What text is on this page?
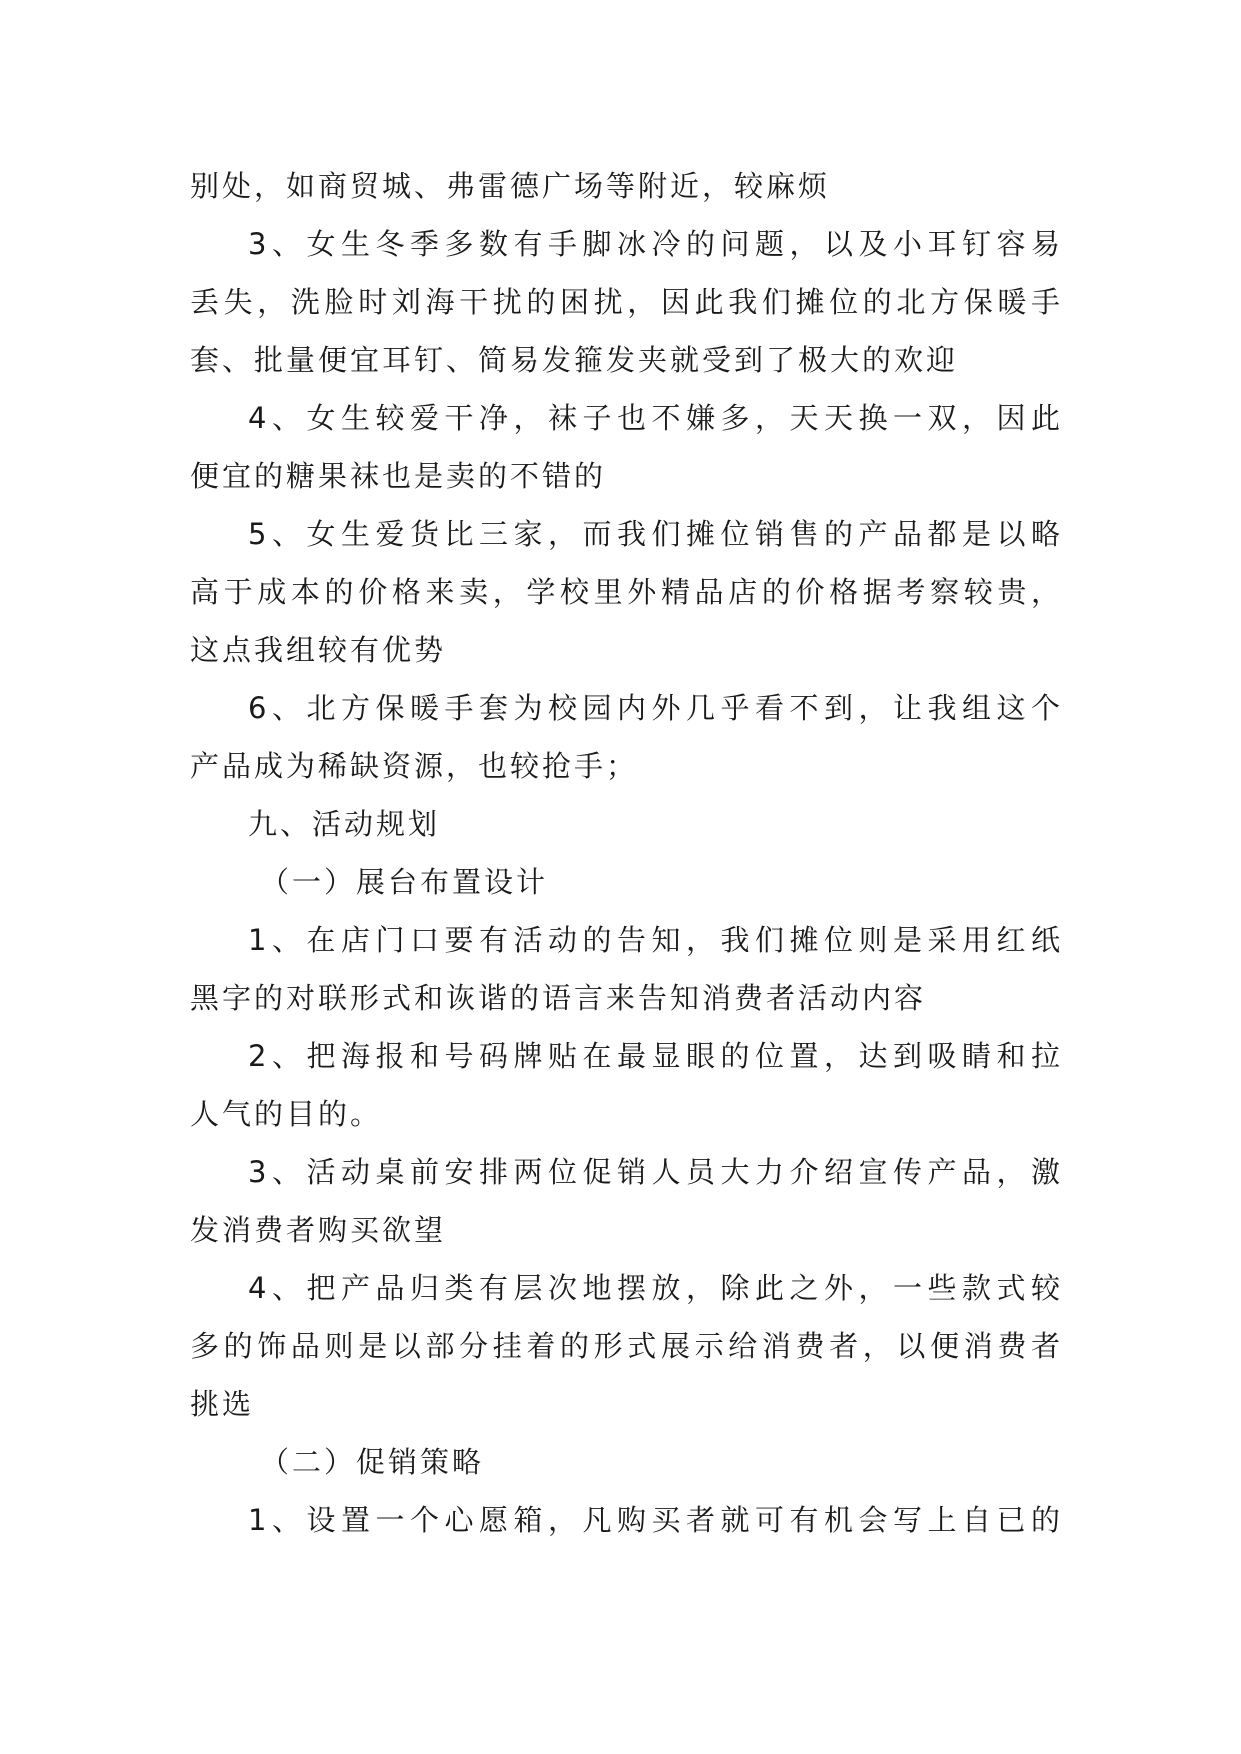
别处，如商贸城、弗雷德广场等附近，较麻烦
3、女生冬季多数有手脚冰冷的问题，以及小耳钉容易
丢失，洗脸时刘海干扰的困扰，因此我们摊位的北方保暖手
套、批量便宜耳钉、简易发箍发夹就受到了极大的欢迎
4、女生较爱干净，袜子也不嫌多，天天换一双，因此
便宜的糖果袜也是卖的不错的
5、女生爱货比三家，而我们摊位销售的产品都是以略
高于成本的价格来卖，学校里外精品店的价格据考察较贵，
这点我组较有优势
6、北方保暖手套为校园内外几乎看不到，让我组这个
产品成为稀缺资源，也较抢手；
九、活动规划
（一）展台布置设计
1、在店门口要有活动的告知，我们摊位则是采用红纸
黑字的对联形式和诙谐的语言来告知消费者活动内容
2、把海报和号码牌贴在最显眼的位置，达到吸睛和拉
人气的目的。
3、活动桌前安排两位促销人员大力介绍宣传产品，激
发消费者购买欲望
4、把产品归类有层次地摆放，除此之外，一些款式较
多的饰品则是以部分挂着的形式展示给消费者，以便消费者
挑选
（二）促销策略
1、设置一个心愿箱，凡购买者就可有机会写上自已的
